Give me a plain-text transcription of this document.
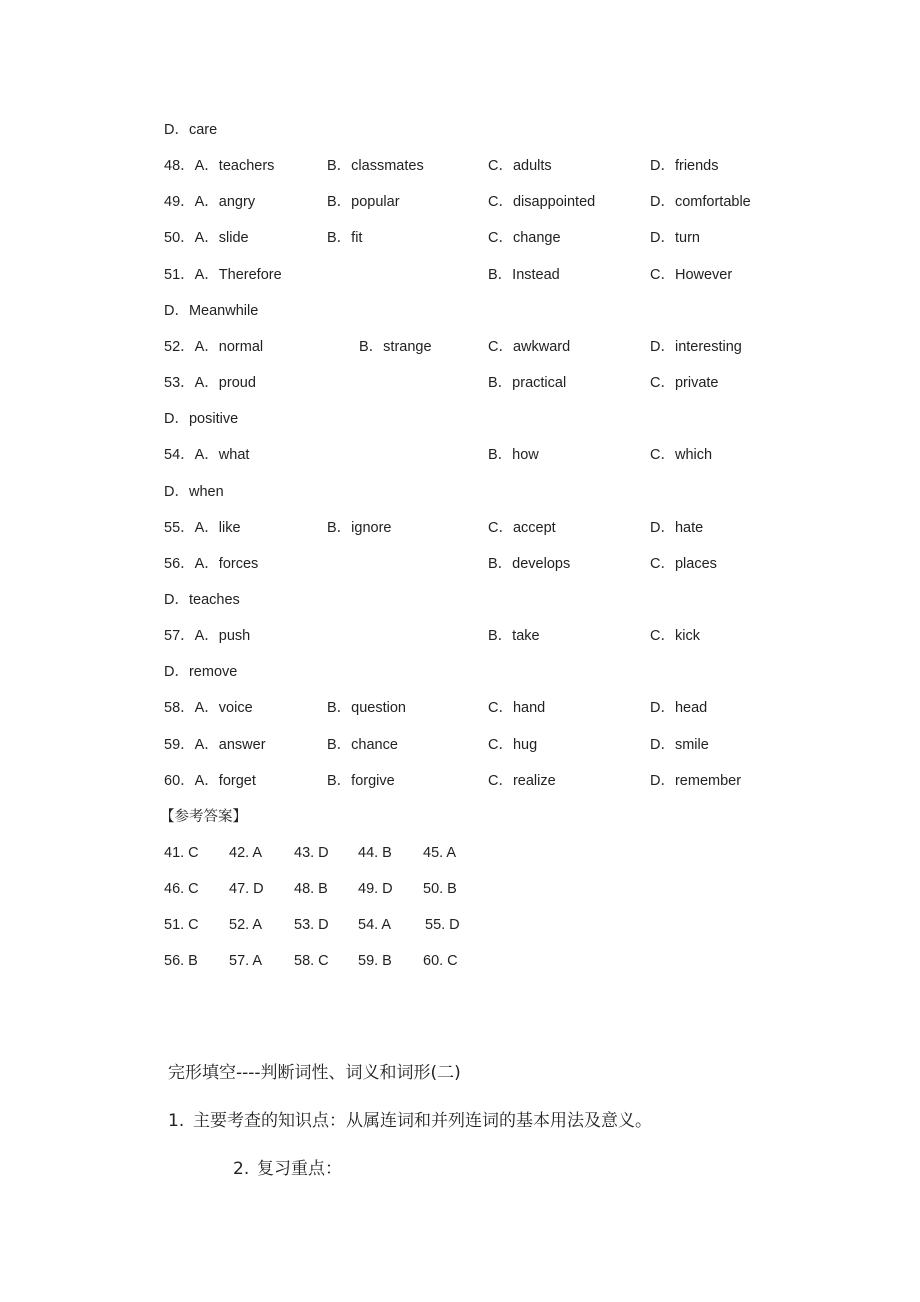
D．care
48．A．teachers	B．classmates	C．adults	D．friends
49．A．angry	B．popular	C．disappointed	D．comfortable
50．A．slide	B．fit	C．change	D．turn
51．A．Therefore	B．Instead	C．However
D．Meanwhile
52．A．normal	B．strange	C．awkward	D．interesting
53．A．proud	B．practical	C．private
D．positive
54．A．what	B．how	C．which
D．when
55．A．like	B．ignore	C．accept	D．hate
56．A．forces	B．develops	C．places
D．teaches
57．A．push	B．take	C．kick
D．remove
58．A．voice	B．question	C．hand	D．head
59．A．answer	B．chance	C．hug	D．smile
60．A．forget	B．forgive	C．realize	D．remember
【参考答案】
41. C 42. A 43. D 44. B 45. A
46. C 47. D 48. B 49. D 50. B
51. C 52. A 53. D 54. A 55. D
56. B 57. A 58. C 59. B 60. C
完形填空----判断词性、词义和词形(二)
1. 主要考查的知识点：从属连词和并列连词的基本用法及意义。
2. 复习重点：
